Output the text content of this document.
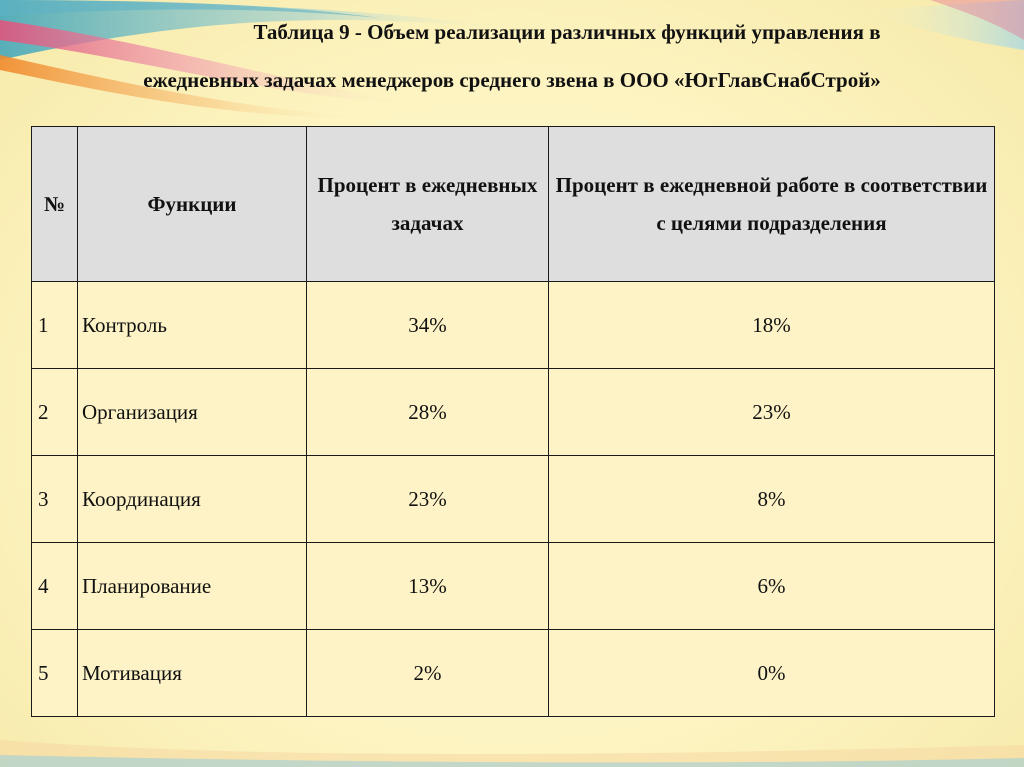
Таблица 9 - Объем реализации различных функций управления в
ежедневных задачах менеджеров среднего звена в ООО «ЮгГлавСнабСтрой»
№	Функции	Процент в ежедневных задачах	Процент в ежедневной работе в соответствии с целями подразделения
1	Контроль	34%	18%
2	Организация	28%	23%
3	Координация	23%	8%
4	Планирование	13%	6%
5	Мотивация	2%	0%
